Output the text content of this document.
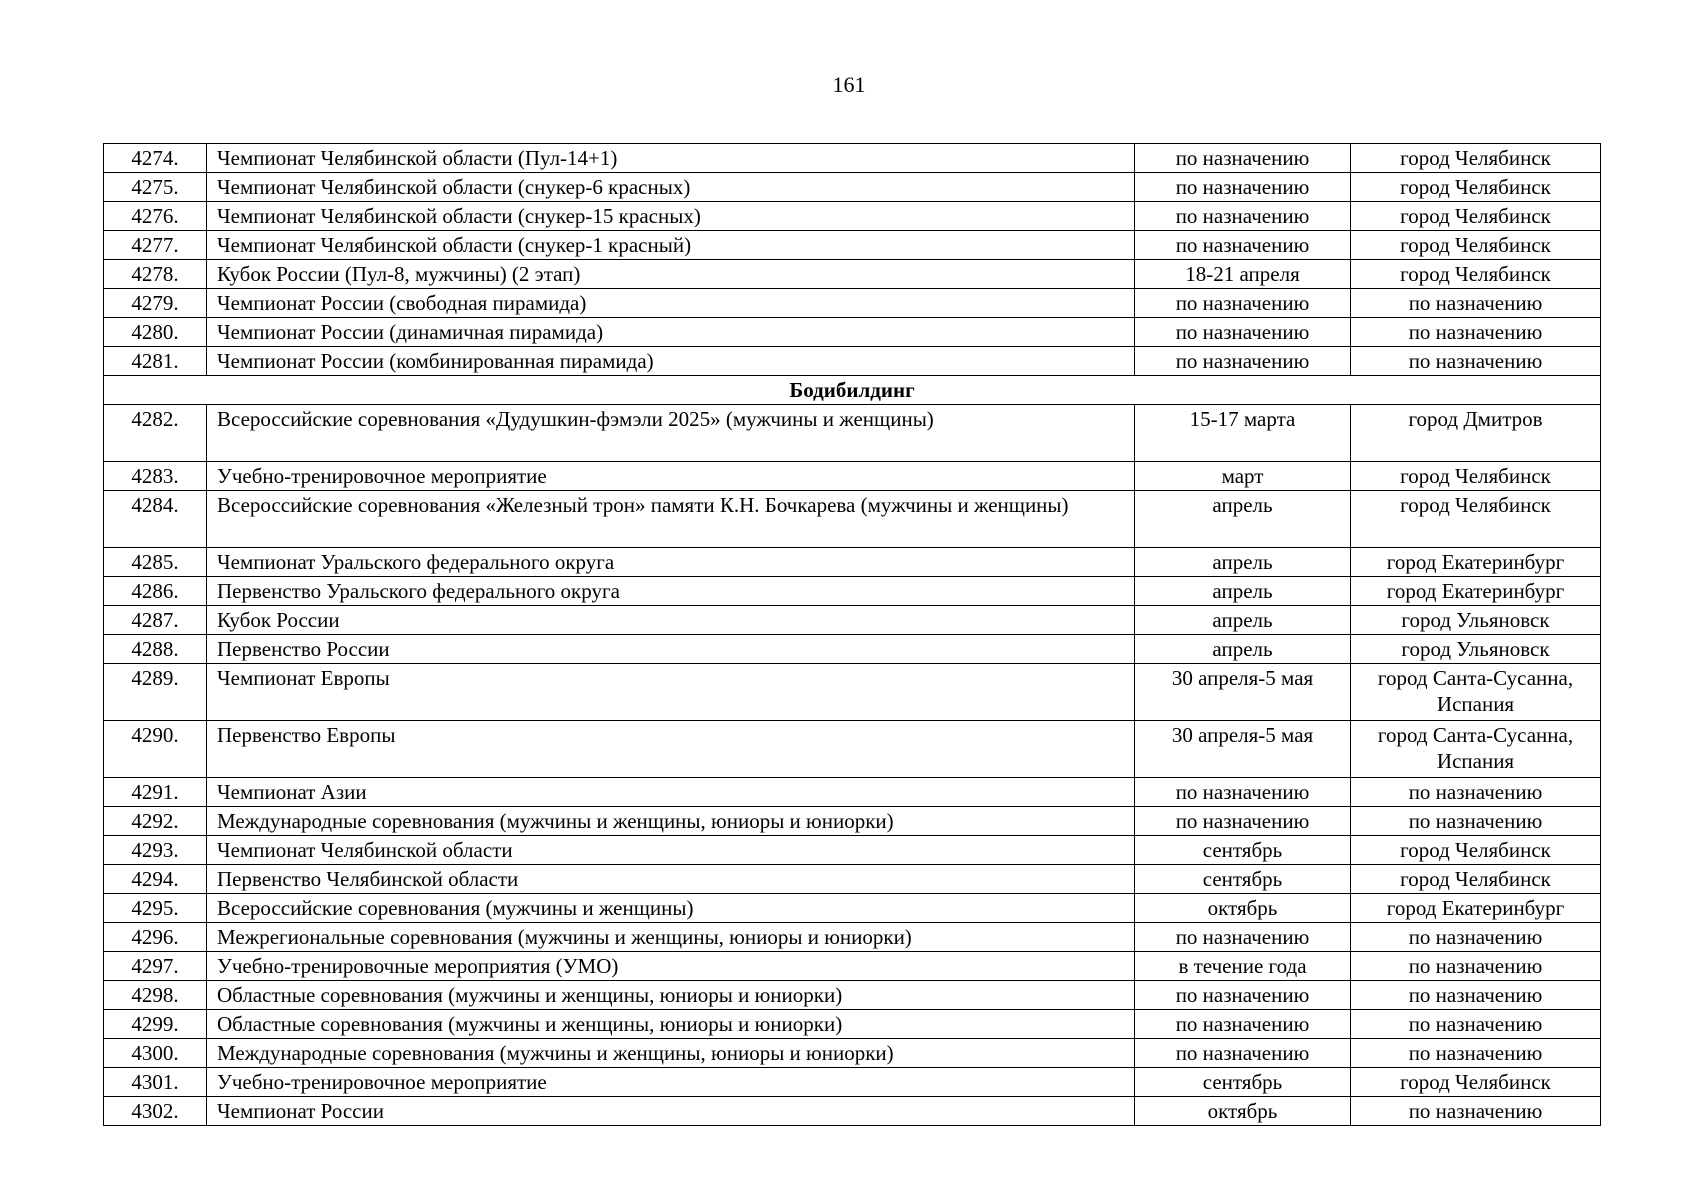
161
4274.	Чемпионат Челябинской области (Пул-14+1)	по назначению	город Челябинск
4275.	Чемпионат Челябинской области (снукер-6 красных)	по назначению	город Челябинск
4276.	Чемпионат Челябинской области (снукер-15 красных)	по назначению	город Челябинск
4277.	Чемпионат Челябинской области (снукер-1 красный)	по назначению	город Челябинск
4278.	Кубок России (Пул-8, мужчины) (2 этап)	18-21 апреля	город Челябинск
4279.	Чемпионат России (свободная пирамида)	по назначению	по назначению
4280.	Чемпионат России (динамичная пирамида)	по назначению	по назначению
4281.	Чемпионат России (комбинированная пирамида)	по назначению	по назначению
Бодибилдинг			
4282.	Всероссийские соревнования «Дудушкин-фэмэли 2025» (мужчины и женщины)	15-17 марта	город Дмитров
4283.	Учебно-тренировочное мероприятие	март	город Челябинск
4284.	Всероссийские соревнования «Железный трон» памяти К.Н. Бочкарева (мужчины и женщины)	апрель	город Челябинск
4285.	Чемпионат Уральского федерального округа	апрель	город Екатеринбург
4286.	Первенство Уральского федерального округа	апрель	город Екатеринбург
4287.	Кубок России	апрель	город Ульяновск
4288.	Первенство России	апрель	город Ульяновск
4289.	Чемпионат Европы	30 апреля-5 мая	город Санта-Сусанна, Испания
4290.	Первенство Европы	30 апреля-5 мая	город Санта-Сусанна, Испания
4291.	Чемпионат Азии	по назначению	по назначению
4292.	Международные соревнования (мужчины и женщины, юниоры и юниорки)	по назначению	по назначению
4293.	Чемпионат Челябинской области	сентябрь	город Челябинск
4294.	Первенство Челябинской области	сентябрь	город Челябинск
4295.	Всероссийские соревнования (мужчины и женщины)	октябрь	город Екатеринбург
4296.	Межрегиональные соревнования (мужчины и женщины, юниоры и юниорки)	по назначению	по назначению
4297.	Учебно-тренировочные мероприятия (УМО)	в течение года	по назначению
4298.	Областные соревнования (мужчины и женщины, юниоры и юниорки)	по назначению	по назначению
4299.	Областные соревнования (мужчины и женщины, юниоры и юниорки)	по назначению	по назначению
4300.	Международные соревнования (мужчины и женщины, юниоры и юниорки)	по назначению	по назначению
4301.	Учебно-тренировочное мероприятие	сентябрь	город Челябинск
4302.	Чемпионат России	октябрь	по назначению
